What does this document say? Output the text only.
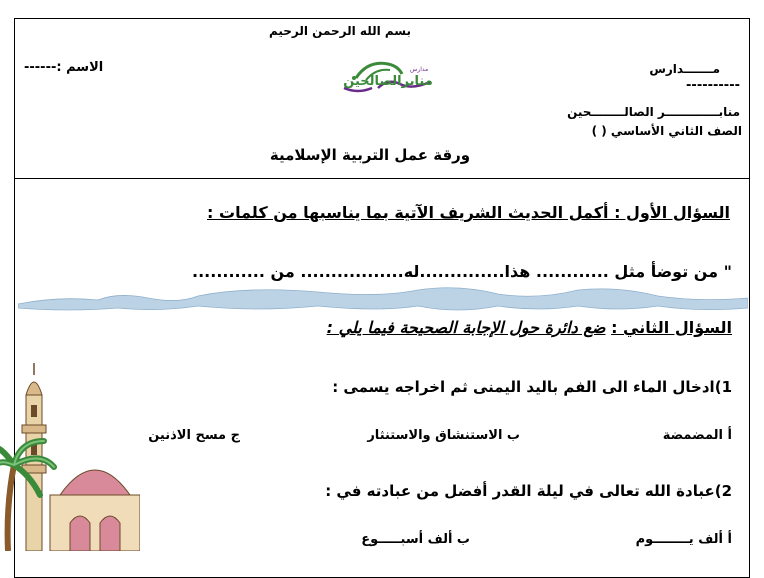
بسم الله الرحمن الرحيم
الاسم :------	مـــــــدارس
----------
منابـــــــــــــر الصالــــــــحين
الصف الثاني الأساسي ( )
منابرالصالحين
مدارس
ورقة عمل التربية الإسلامية
السؤال الأول : أكمل الحديث الشريف الآتية بما يناسبها من كلمات :
" من توضأ مثل ............ هذا..............له................. من ............
السؤال الثاني : ضع دائرة حول الإجابة الصحيحة فيما يلي :
1)ادخال الماء الى الفم باليد اليمنى ثم اخراجه يسمى :
أ المضمضة
ب الاستنشاق والاستنثار
ج مسح الاذنين
2)عبادة الله تعالى في ليلة القدر أفضل من عبادته في :
أ ألف يــــــــوم
ب ألف أسبـــــوع
